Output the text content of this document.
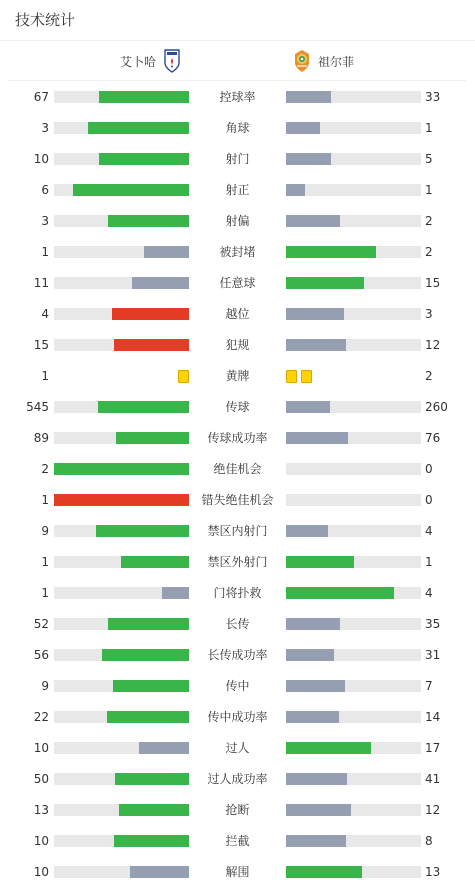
技术统计
艾卜哈	祖尔菲
67	控球率	33
3	角球	1
10	射门	5
6	射正	1
3	射偏	2
1	被封堵	2
11	任意球	15
4	越位	3
15	犯规	12
1	黄牌	2
545	传球	260
89	传球成功率	76
2	绝佳机会	0
1	错失绝佳机会	0
9	禁区内射门	4
1	禁区外射门	1
1	门将扑救	4
52	长传	35
56	长传成功率	31
9	传中	7
22	传中成功率	14
10	过人	17
50	过人成功率	41
13	抢断	12
10	拦截	8
10	解围	13
